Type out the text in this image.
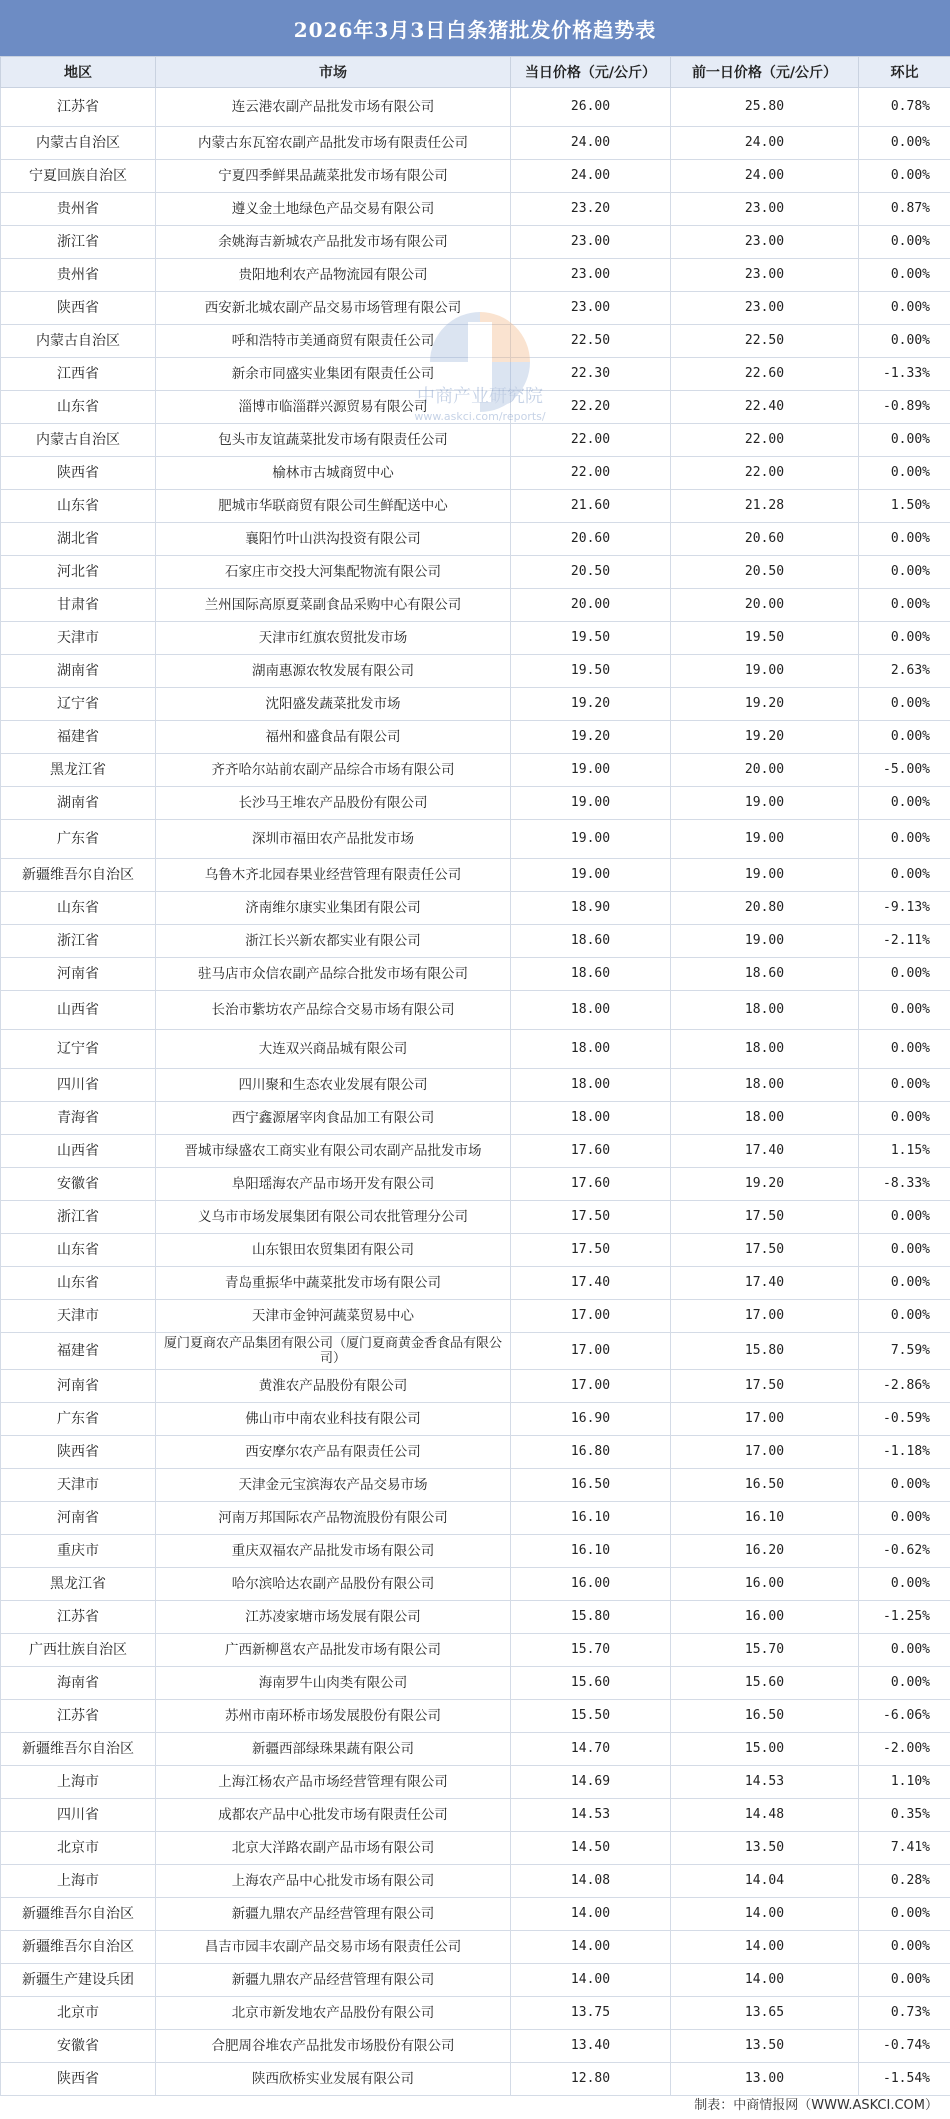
2026年3月3日白条猪批发价格趋势表
地区	市场	当日价格（元/公斤）	前一日价格（元/公斤）	环比
江苏省	连云港农副产品批发市场有限公司	26.00	25.80	0.78%
内蒙古自治区	内蒙古东瓦窑农副产品批发市场有限责任公司	24.00	24.00	0.00%
宁夏回族自治区	宁夏四季鲜果品蔬菜批发市场有限公司	24.00	24.00	0.00%
贵州省	遵义金土地绿色产品交易有限公司	23.20	23.00	0.87%
浙江省	余姚海吉新城农产品批发市场有限公司	23.00	23.00	0.00%
贵州省	贵阳地利农产品物流园有限公司	23.00	23.00	0.00%
陕西省	西安新北城农副产品交易市场管理有限公司	23.00	23.00	0.00%
内蒙古自治区	呼和浩特市美通商贸有限责任公司	22.50	22.50	0.00%
江西省	新余市同盛实业集团有限责任公司	22.30	22.60	-1.33%
山东省	淄博市临淄群兴源贸易有限公司	22.20	22.40	-0.89%
内蒙古自治区	包头市友谊蔬菜批发市场有限责任公司	22.00	22.00	0.00%
陕西省	榆林市古城商贸中心	22.00	22.00	0.00%
山东省	肥城市华联商贸有限公司生鲜配送中心	21.60	21.28	1.50%
湖北省	襄阳竹叶山洪沟投资有限公司	20.60	20.60	0.00%
河北省	石家庄市交投大河集配物流有限公司	20.50	20.50	0.00%
甘肃省	兰州国际高原夏菜副食品采购中心有限公司	20.00	20.00	0.00%
天津市	天津市红旗农贸批发市场	19.50	19.50	0.00%
湖南省	湖南惠源农牧发展有限公司	19.50	19.00	2.63%
辽宁省	沈阳盛发蔬菜批发市场	19.20	19.20	0.00%
福建省	福州和盛食品有限公司	19.20	19.20	0.00%
黑龙江省	齐齐哈尔站前农副产品综合市场有限公司	19.00	20.00	-5.00%
湖南省	长沙马王堆农产品股份有限公司	19.00	19.00	0.00%
广东省	深圳市福田农产品批发市场	19.00	19.00	0.00%
新疆维吾尔自治区	乌鲁木齐北园春果业经营管理有限责任公司	19.00	19.00	0.00%
山东省	济南维尔康实业集团有限公司	18.90	20.80	-9.13%
浙江省	浙江长兴新农都实业有限公司	18.60	19.00	-2.11%
河南省	驻马店市众信农副产品综合批发市场有限公司	18.60	18.60	0.00%
山西省	长治市紫坊农产品综合交易市场有限公司	18.00	18.00	0.00%
辽宁省	大连双兴商品城有限公司	18.00	18.00	0.00%
四川省	四川聚和生态农业发展有限公司	18.00	18.00	0.00%
青海省	西宁鑫源屠宰肉食品加工有限公司	18.00	18.00	0.00%
山西省	晋城市绿盛农工商实业有限公司农副产品批发市场	17.60	17.40	1.15%
安徽省	阜阳瑶海农产品市场开发有限公司	17.60	19.20	-8.33%
浙江省	义乌市市场发展集团有限公司农批管理分公司	17.50	17.50	0.00%
山东省	山东银田农贸集团有限公司	17.50	17.50	0.00%
山东省	青岛重振华中蔬菜批发市场有限公司	17.40	17.40	0.00%
天津市	天津市金钟河蔬菜贸易中心	17.00	17.00	0.00%
福建省	厦门夏商农产品集团有限公司（厦门夏商黄金香食品有限公司）	17.00	15.80	7.59%
河南省	黄淮农产品股份有限公司	17.00	17.50	-2.86%
广东省	佛山市中南农业科技有限公司	16.90	17.00	-0.59%
陕西省	西安摩尔农产品有限责任公司	16.80	17.00	-1.18%
天津市	天津金元宝滨海农产品交易市场	16.50	16.50	0.00%
河南省	河南万邦国际农产品物流股份有限公司	16.10	16.10	0.00%
重庆市	重庆双福农产品批发市场有限公司	16.10	16.20	-0.62%
黑龙江省	哈尔滨哈达农副产品股份有限公司	16.00	16.00	0.00%
江苏省	江苏凌家塘市场发展有限公司	15.80	16.00	-1.25%
广西壮族自治区	广西新柳邕农产品批发市场有限公司	15.70	15.70	0.00%
海南省	海南罗牛山肉类有限公司	15.60	15.60	0.00%
江苏省	苏州市南环桥市场发展股份有限公司	15.50	16.50	-6.06%
新疆维吾尔自治区	新疆西部绿珠果蔬有限公司	14.70	15.00	-2.00%
上海市	上海江杨农产品市场经营管理有限公司	14.69	14.53	1.10%
四川省	成都农产品中心批发市场有限责任公司	14.53	14.48	0.35%
北京市	北京大洋路农副产品市场有限公司	14.50	13.50	7.41%
上海市	上海农产品中心批发市场有限公司	14.08	14.04	0.28%
新疆维吾尔自治区	新疆九鼎农产品经营管理有限公司	14.00	14.00	0.00%
新疆维吾尔自治区	昌吉市园丰农副产品交易市场有限责任公司	14.00	14.00	0.00%
新疆生产建设兵团	新疆九鼎农产品经营管理有限公司	14.00	14.00	0.00%
北京市	北京市新发地农产品股份有限公司	13.75	13.65	0.73%
安徽省	合肥周谷堆农产品批发市场股份有限公司	13.40	13.50	-0.74%
陕西省	陕西欣桥实业发展有限公司	12.80	13.00	-1.54%
中商产业研究院
www.askci.com/reports/
制表：中商情报网（WWW.ASKCI.COM）
